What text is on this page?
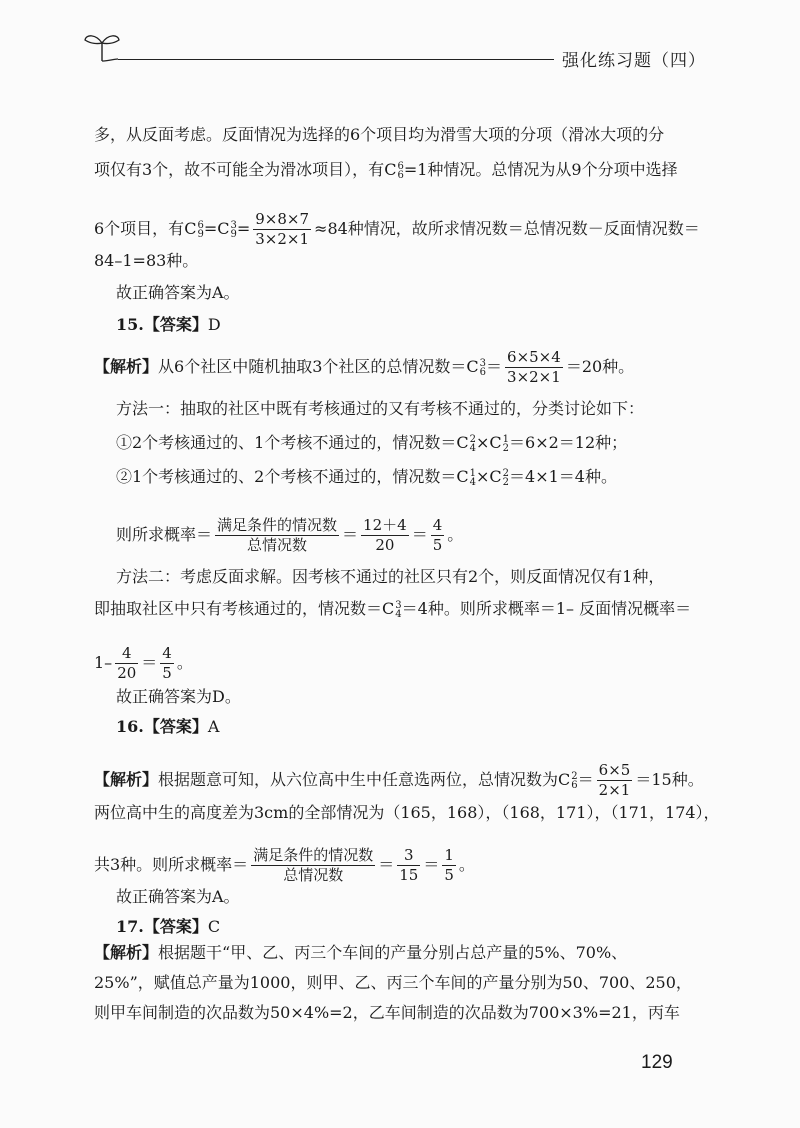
强化练习题（四）
多，从反面考虑。反面情况为选择的6个项目均为滑雪大项的分项（滑冰大项的分
项仅有3个，故不可能全为滑冰项目），有C 6
6 =1种情况。总情况为从9个分项中选择
6个项目，有C 6
9 =C 3
$9 = \frac{9\times 8\times 7}{3\times 2\times 1} \approx 84$种情况，故所求情况数＝总情况数－反面情况数＝
84–1=83种。
故正确答案为A。
15.【答案】D
【解析】从6个社区中随机抽取3个社区的总情况数＝C 3
$6 = \frac{6\times 5\times 4}{3\times 2\times 1} =20$种。
方法一：抽取的社区中既有考核通过的又有考核不通过的，分类讨论如下：
①2个考核通过的、1个考核不通过的，情况数＝C 2
4 ×C 1
2 ＝6×2＝12种；
②1个考核通过的、2个考核不通过的，情况数＝C 1
4 ×C 2
2 ＝4×1＝4种。
则所求概率＝ $\frac{\text{满足条件的情况数}}{\text{总情况数}} = \frac{12+4}{20} = \frac{4}{5}$ 。
方法二：考虑反面求解。因考核不通过的社区只有2个，则反面情况仅有1种，
即抽取社区中只有考核通过的，情况数＝C 3
4 ＝4种。则所求概率＝1– 反面情况概率＝
$1- \frac{4}{20} = \frac{4}{5}$ 。
故正确答案为D。
16.【答案】A
【解析】根据题意可知，从六位高中生中任意选两位，总情况数为C 2
$6 = \frac{6\times 5}{2\times 1} =15$种。
两位高中生的高度差为3cm的全部情况为（165，168），（168，171），（171，174），
共3种。则所求概率＝ $\frac{\text{满足条件的情况数}}{\text{总情况数}} = \frac{3}{15} = \frac{1}{5}$ 。
故正确答案为A。
17.【答案】C
【解析】根据题干“甲、乙、丙三个车间的产量分别占总产量的5%、70%、
25%”，赋值总产量为1000，则甲、乙、丙三个车间的产量分别为50、700、250，
则甲车间制造的次品数为50×4%=2，乙车间制造的次品数为700×3%=21，丙车
129
